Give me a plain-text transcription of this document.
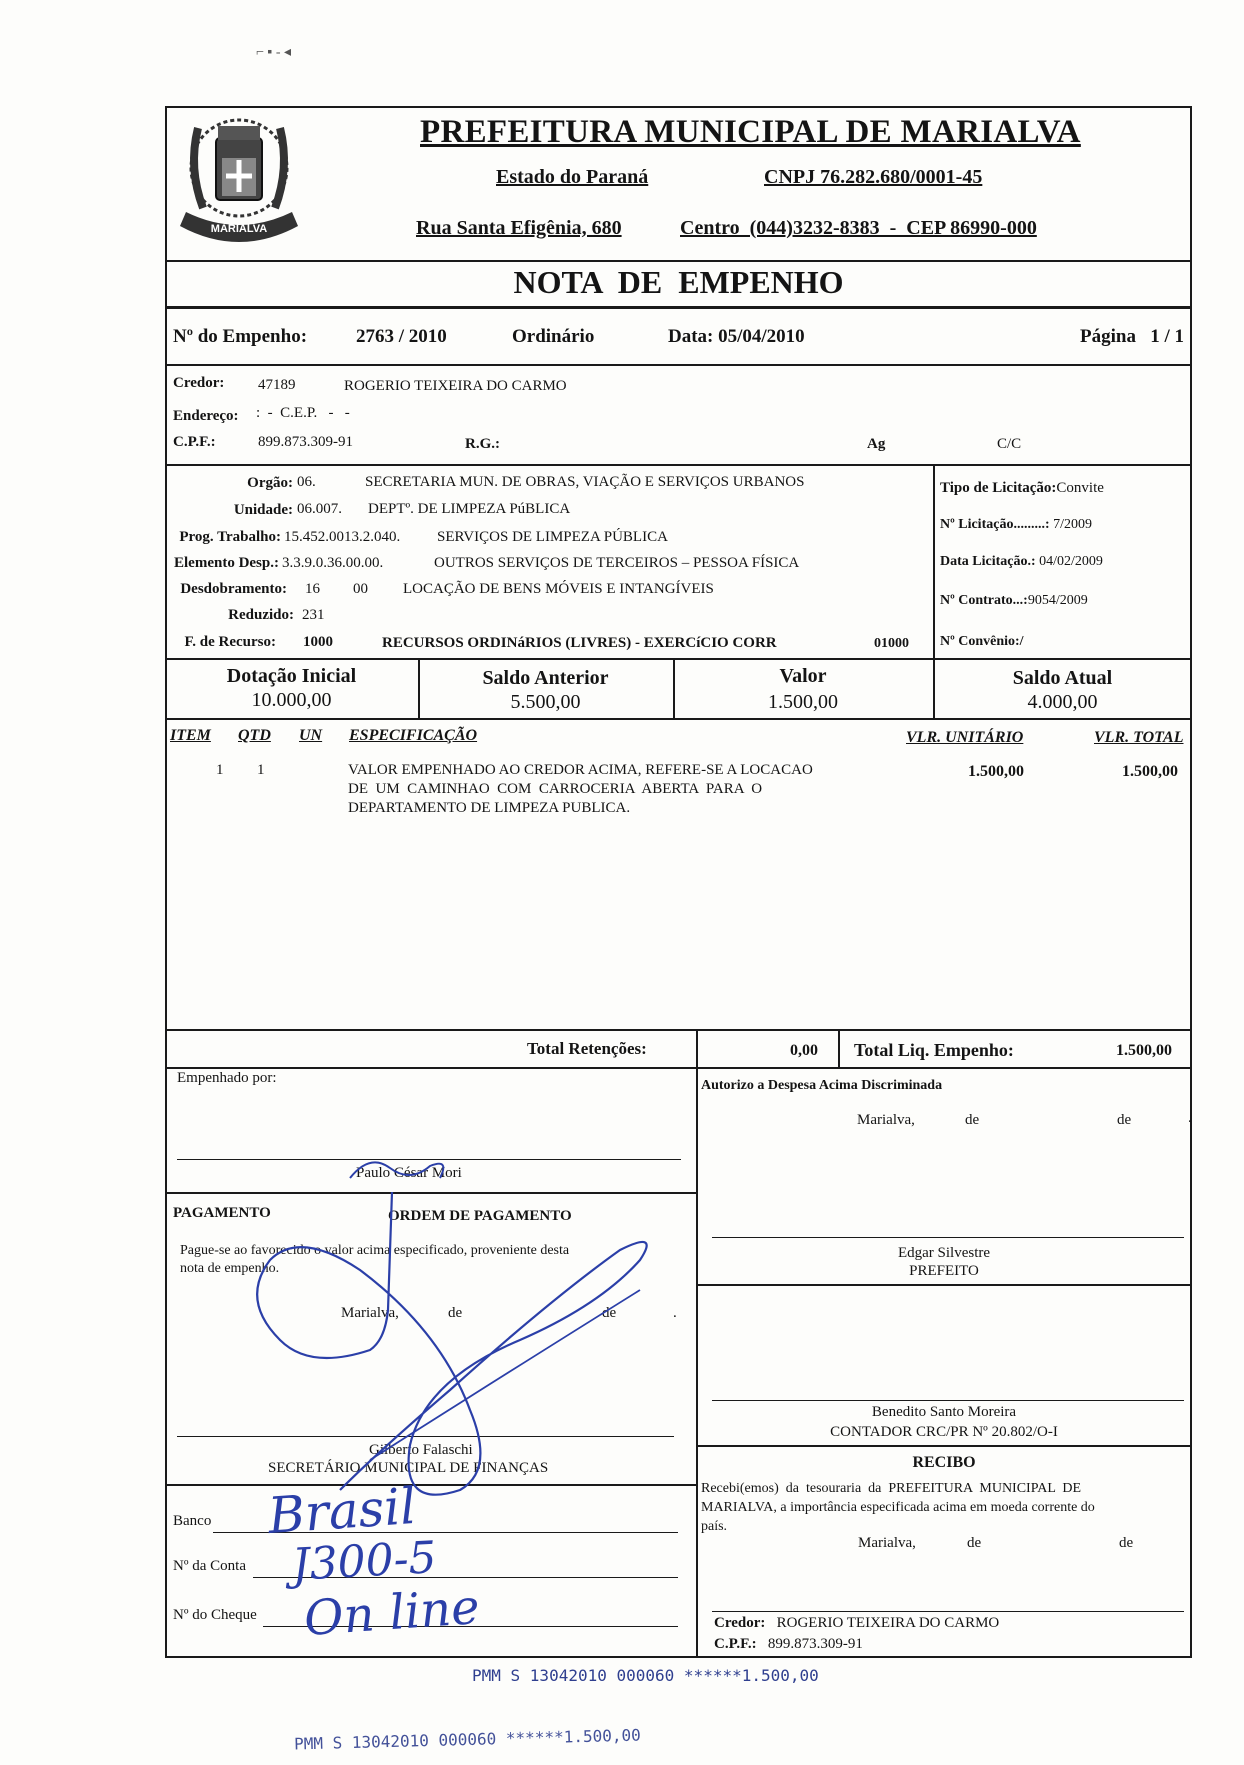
MARIALVA
PREFEITURA MUNICIPAL DE MARIALVA
Estado do Paraná	CNPJ 76.282.680/0001-45
Rua Santa Efigênia, 680	Centro  (044)3232-8383  -  CEP 86990-000
NOTA  DE  EMPENHO
Nº do Empenho:	2763 / 2010	Ordinário	Data: 05/04/2010	Página   1 / 1
Credor: 47189	ROGERIO TEIXEIRA DO CARMO
Endereço: :  -  C.E.P.   -   -
C.P.F.:	899.873.309-91	R.G.:	Ag	C/C
Orgão: 06.	SECRETARIA MUN. DE OBRAS, VIAÇÃO E SERVIÇOS URBANOS
Unidade: 06.007. DEPTº. DE LIMPEZA PúBLICA
Prog. Trabalho: 15.452.0013.2.040. SERVIÇOS DE LIMPEZA PÚBLICA
Elemento Desp.: 3.3.9.0.36.00.00.	OUTROS SERVIÇOS DE TERCEIROS – PESSOA FÍSICA
Desdobramento: 16 00 LOCAÇÃO DE BENS MÓVEIS E INTANGÍVEIS
Reduzido: 231
F. de Recurso: 1000	RECURSOS ORDINáRIOS (LIVRES) - EXERCíCIO CORR	01000
Tipo de Licitação:Convite
Nº Licitação.........: 7/2009
Data Licitação.: 04/02/2009
Nº Contrato...:9054/2009
Nº Convênio:/
Dotação Inicial
10.000,00
Saldo Anterior
5.500,00
Valor
1.500,00
Saldo Atual
4.000,00
ITEM QTD UN ESPECIFICAÇÃO	VLR. UNITÁRIO	VLR. TOTAL
1 1	VALOR EMPENHADO AO CREDOR ACIMA, REFERE-SE A LOCACAO
DE  UM  CAMINHAO  COM  CARROCERIA  ABERTA  PARA  O
DEPARTAMENTO DE LIMPEZA PUBLICA.
1.500,00	1.500,00
Total Retenções:	0,00 Total Liq. Empenho:	1.500,00
Empenhado por:
Paulo César Mori
PAGAMENTO	ORDEM DE PAGAMENTO
Pague-se ao favorecido o valor acima especificado, proveniente desta
nota de empenho.
Marialva,	de	de	.
Gilberto Falaschi
SECRETÁRIO MUNICIPAL DE FINANÇAS
Banco
Nº da Conta
Nº do Cheque
Brasil
J300-5
On line
Autorizo a Despesa Acima Discriminada
Marialva,	de	de	.
Edgar Silvestre
PREFEITO
Benedito Santo Moreira
CONTADOR CRC/PR Nº 20.802/O-I
RECIBO
Recebi(emos)  da  tesouraria  da  PREFEITURA  MUNICIPAL  DE
MARIALVA, a importância especificada acima em moeda corrente do
país.
Marialva,	de	de
Credor: ROGERIO TEIXEIRA DO CARMO
C.P.F.: 899.873.309-91
PMM S 13042010 000060 ******1.500,00
PMM S 13042010 000060 ******1.500,00
⌐ ▪ ‑ ◂
